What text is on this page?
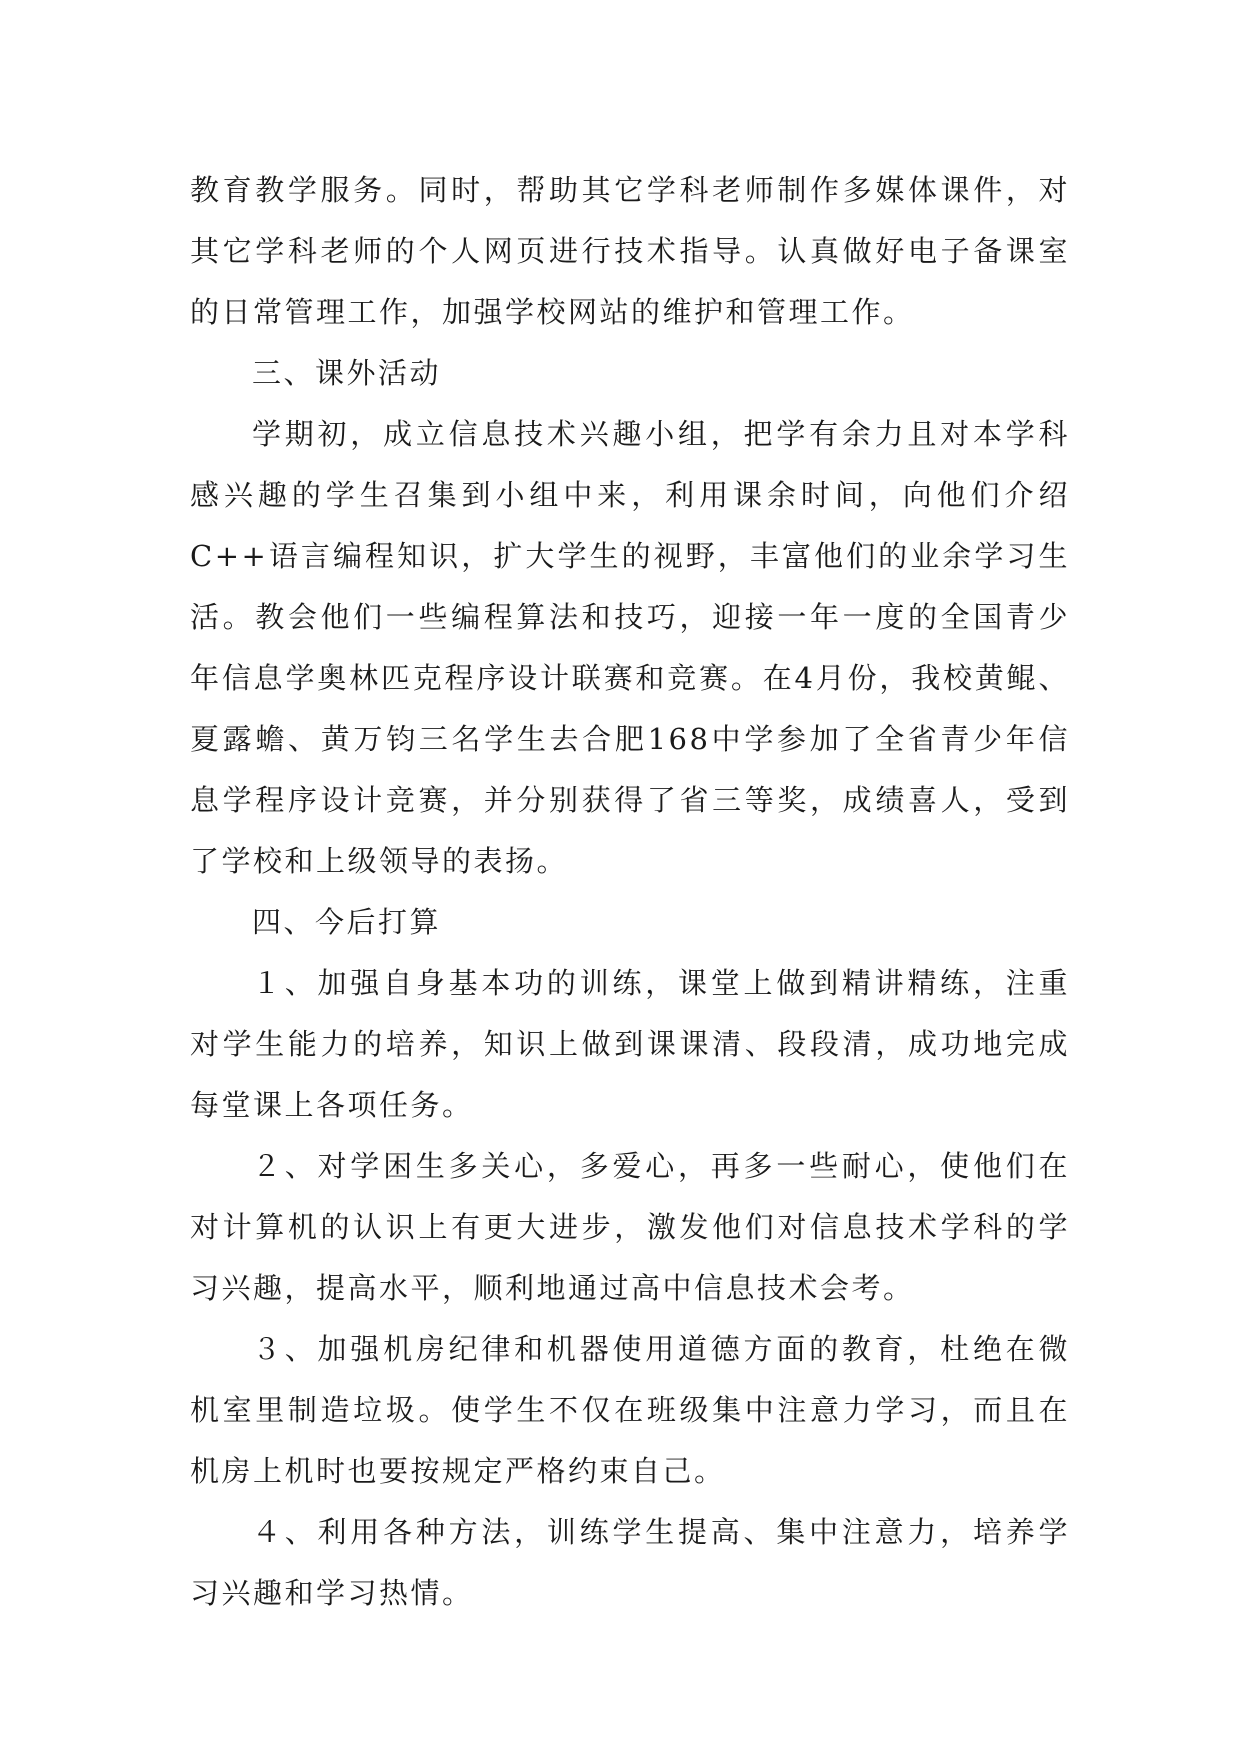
教育教学服务。同时，帮助其它学科老师制作多媒体课件，对其它学科老师的个人网页进行技术指导。认真做好电子备课室的日常管理工作，加强学校网站的维护和管理工作。

三、课外活动

学期初，成立信息技术兴趣小组，把学有余力且对本学科感兴趣的学生召集到小组中来，利用课余时间，向他们介绍C++语言编程知识，扩大学生的视野，丰富他们的业余学习生活。教会他们一些编程算法和技巧，迎接一年一度的全国青少年信息学奥林匹克程序设计联赛和竞赛。在4月份，我校黄鲲、夏露蟾、黄万钧三名学生去合肥168中学参加了全省青少年信息学程序设计竞赛，并分别获得了省三等奖，成绩喜人，受到了学校和上级领导的表扬。

四、今后打算

１、加强自身基本功的训练，课堂上做到精讲精练，注重对学生能力的培养，知识上做到课课清、段段清，成功地完成每堂课上各项任务。

２、对学困生多关心，多爱心，再多一些耐心，使他们在对计算机的认识上有更大进步，激发他们对信息技术学科的学习兴趣，提高水平，顺利地通过高中信息技术会考。

３、加强机房纪律和机器使用道德方面的教育，杜绝在微机室里制造垃圾。使学生不仅在班级集中注意力学习，而且在机房上机时也要按规定严格约束自己。

４、利用各种方法，训练学生提高、集中注意力，培养学习兴趣和学习热情。
